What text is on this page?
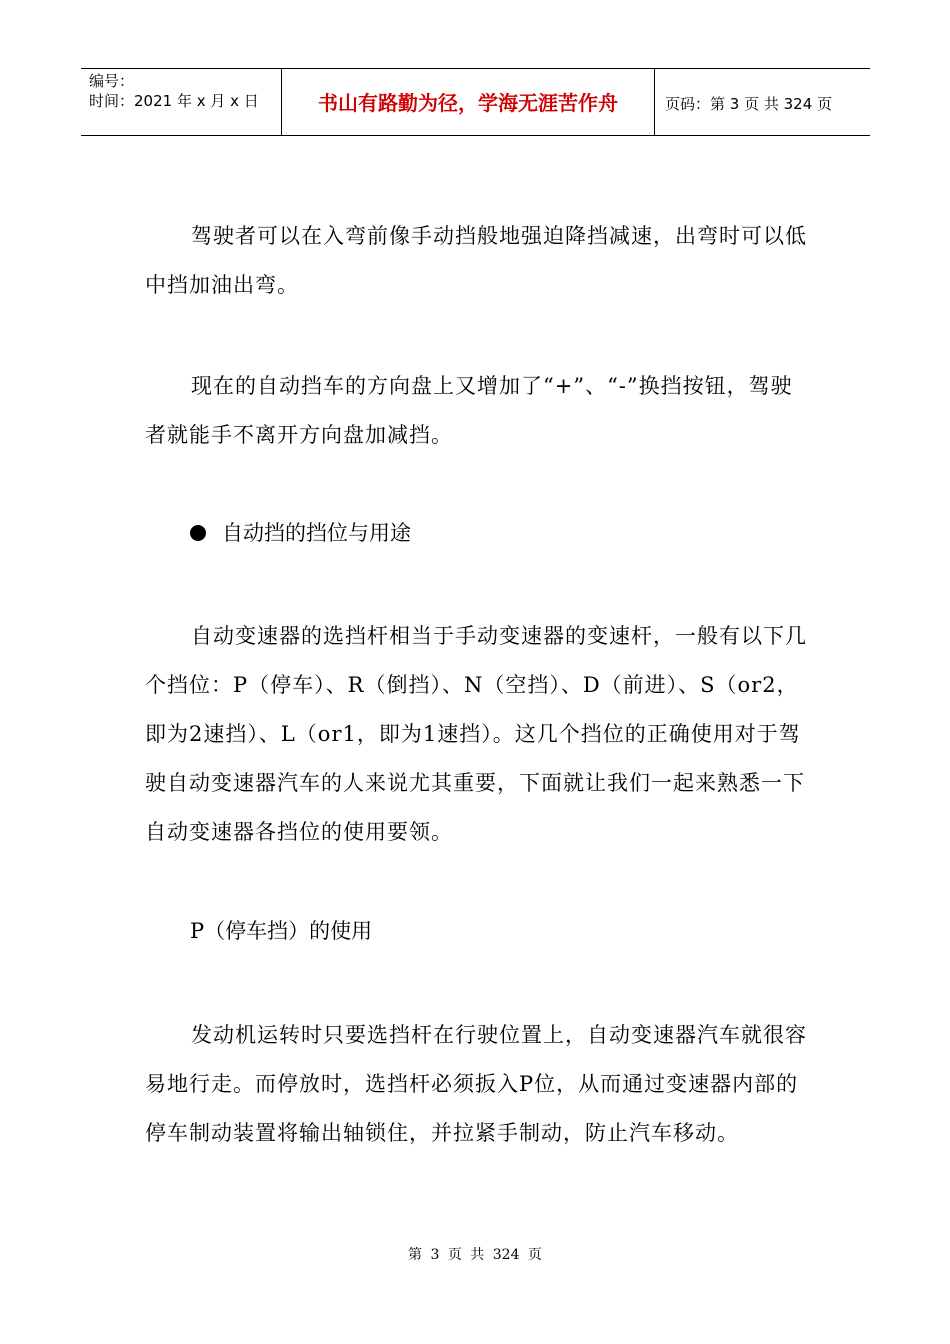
编号：
时间：2021 年 x 月 x 日	书山有路勤为径，学海无涯苦作舟	页码：第 3 页 共 324 页

驾驶者可以在入弯前像手动挡般地强迫降挡减速，出弯时可以低中挡加油出弯。

现在的自动挡车的方向盘上又增加了“+”、“-”换挡按钮，驾驶者就能手不离开方向盘加减挡。

自动挡的挡位与用途

自动变速器的选挡杆相当于手动变速器的变速杆，一般有以下几个挡位：P（停车）、R（倒挡）、N（空挡）、D（前进）、S（or2，即为2速挡）、L（or1，即为1速挡）。这几个挡位的正确使用对于驾驶自动变速器汽车的人来说尤其重要，下面就让我们一起来熟悉一下自动变速器各挡位的使用要领。

P（停车挡）的使用

发动机运转时只要选挡杆在行驶位置上，自动变速器汽车就很容易地行走。而停放时，选挡杆必须扳入P位，从而通过变速器内部的停车制动装置将输出轴锁住，并拉紧手制动，防止汽车移动。

第 3 页 共 324 页
